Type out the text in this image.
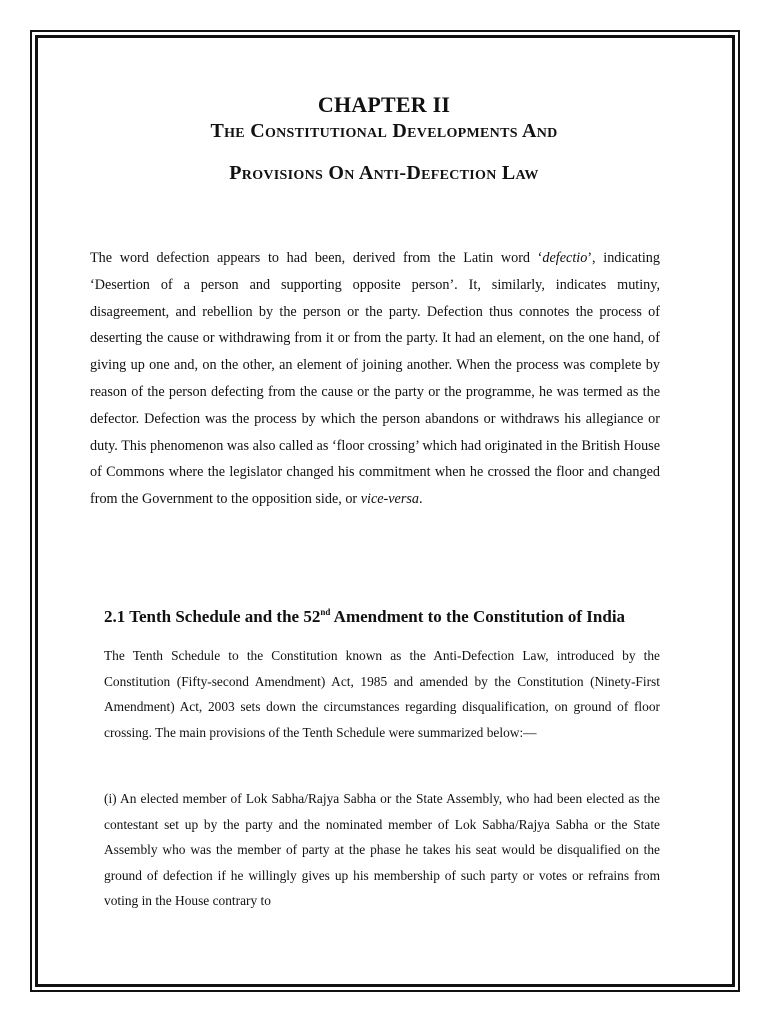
CHAPTER II
The Constitutional Developments And
Provisions On Anti-Defection Law
The word defection appears to had been, derived from the Latin word ‘defectio’, indicating ‘Desertion of a person and supporting opposite person’. It, similarly, indicates mutiny, disagreement, and rebellion by the person or the party. Defection thus connotes the process of deserting the cause or withdrawing from it or from the party. It had an element, on the one hand, of giving up one and, on the other, an element of joining another. When the process was complete by reason of the person defecting from the cause or the party or the programme, he was termed as the defector. Defection was the process by which the person abandons or withdraws his allegiance or duty. This phenomenon was also called as ‘floor crossing’ which had originated in the British House of Commons where the legislator changed his commitment when he crossed the floor and changed from the Government to the opposition side, or vice-versa.
2.1 Tenth Schedule and the 52nd Amendment to the Constitution of India
The Tenth Schedule to the Constitution known as the Anti-Defection Law, introduced by the Constitution (Fifty-second Amendment) Act, 1985 and amended by the Constitution (Ninety-First Amendment) Act, 2003 sets down the circumstances regarding disqualification, on ground of floor crossing. The main provisions of the Tenth Schedule were summarized below:—
(i) An elected member of Lok Sabha/Rajya Sabha or the State Assembly, who had been elected as the contestant set up by the party and the nominated member of Lok Sabha/Rajya Sabha or the State Assembly who was the member of party at the phase he takes his seat would be disqualified on the ground of defection if he willingly gives up his membership of such party or votes or refrains from voting in the House contrary to
